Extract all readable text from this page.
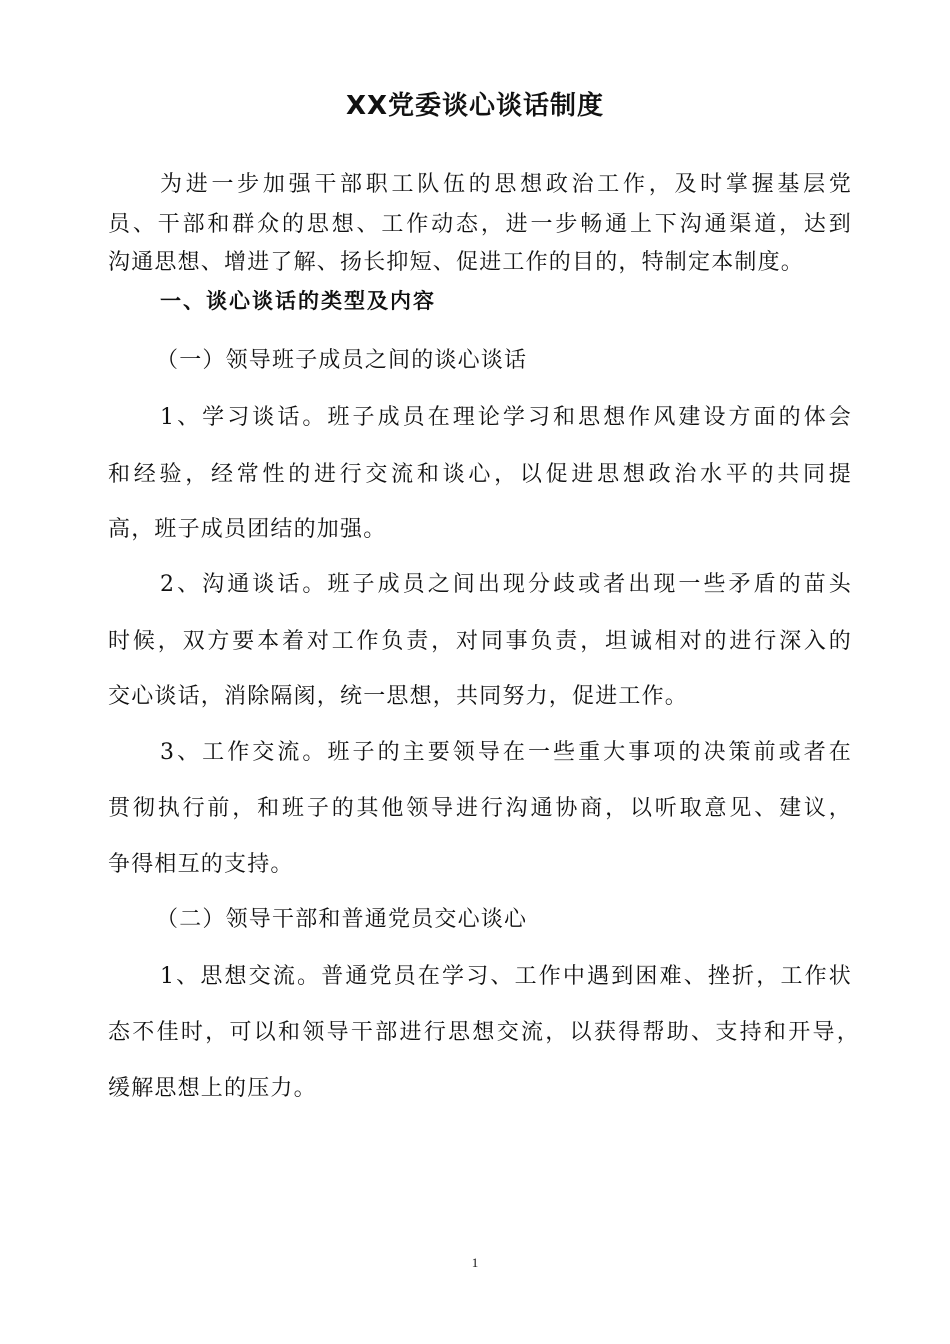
XX党委谈心谈话制度
为进一步加强干部职工队伍的思想政治工作，及时掌握基层党
员、干部和群众的思想、工作动态，进一步畅通上下沟通渠道，达到
沟通思想、增进了解、扬长抑短、促进工作的目的，特制定本制度。
一、谈心谈话的类型及内容
（一）领导班子成员之间的谈心谈话
1、学习谈话。班子成员在理论学习和思想作风建设方面的体会
和经验，经常性的进行交流和谈心，以促进思想政治水平的共同提
高，班子成员团结的加强。
2、沟通谈话。班子成员之间出现分歧或者出现一些矛盾的苗头
时候，双方要本着对工作负责，对同事负责，坦诚相对的进行深入的
交心谈话，消除隔阂，统一思想，共同努力，促进工作。
3、工作交流。班子的主要领导在一些重大事项的决策前或者在
贯彻执行前，和班子的其他领导进行沟通协商，以听取意见、建议，
争得相互的支持。
（二）领导干部和普通党员交心谈心
1、思想交流。普通党员在学习、工作中遇到困难、挫折，工作状
态不佳时，可以和领导干部进行思想交流，以获得帮助、支持和开导，
缓解思想上的压力。
1
